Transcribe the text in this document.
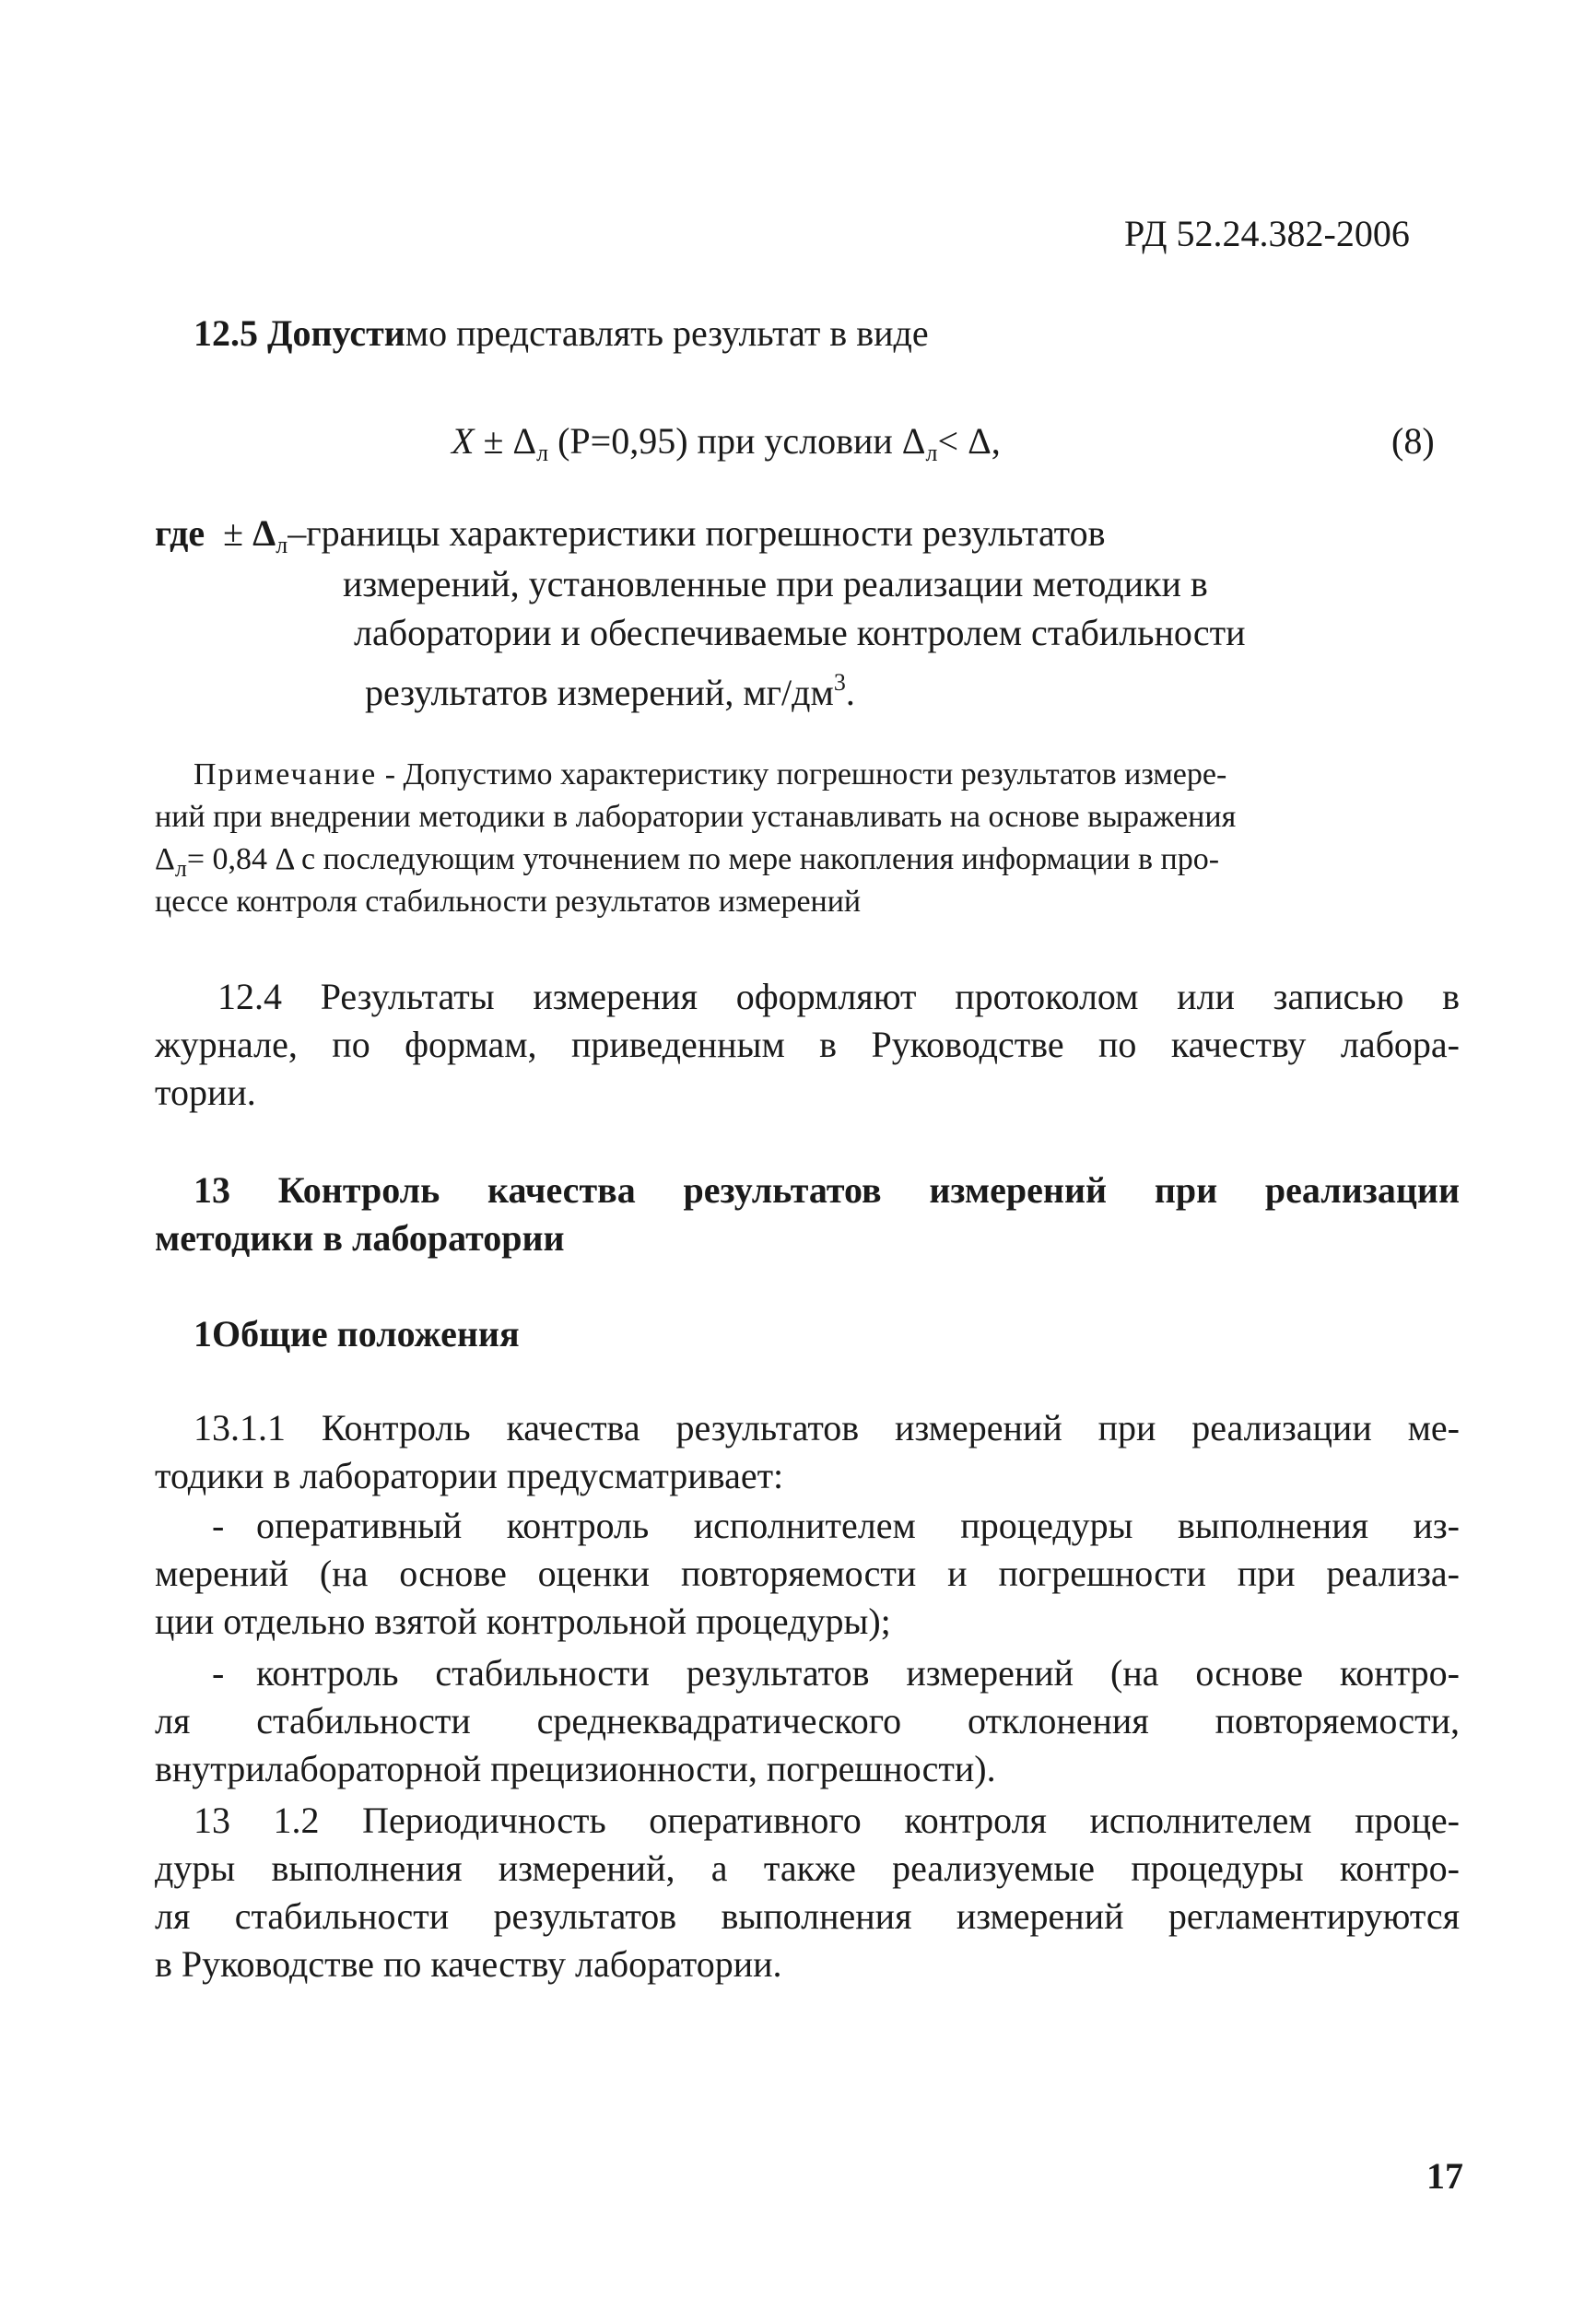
РД 52.24.382-2006
12.5 Допустимо представлять результат в виде
$X \pm \Delta_л$ (Р=0,95) при условии $\Delta_л< \Delta$,	(8)
где ± $\Delta_л$–границы характеристики погрешности результатов
измерений, установленные при реализации методики в
лаборатории и обеспечиваемые контролем стабильности
результатов измерений, $мг/дм^3$.
Примечание - Допустимо характеристику погрешности результатов измере-
ний при внедрении методики в лаборатории устанавливать на основе выражения
$\Delta_л= 0,84$ Δ с последующим уточнением по мере накопления информации в про-
цессе контроля стабильности результатов измерений
12.4 Результаты измерения оформляют протоколом или записью в
журнале, по формам, приведенным в Руководстве по качеству лабора-
тории.
13 Контроль качества результатов измерений при реализации
методики в лаборатории
1Общие положения
13.1.1 Контроль качества результатов измерений при реализации ме-
тодики в лаборатории предусматривает:
- оперативный контроль исполнителем процедуры выполнения из-
мерений (на основе оценки повторяемости и погрешности при реализа-
ции отдельно взятой контрольной процедуры);
- контроль стабильности результатов измерений (на основе контро-
ля стабильности среднеквадратического отклонения повторяемости,
внутрилабораторной прецизионности, погрешности).
13 1.2 Периодичность оперативного контроля исполнителем проце-
дуры выполнения измерений, а также реализуемые процедуры контро-
ля стабильности результатов выполнения измерений регламентируются
в Руководстве по качеству лаборатории.
17
